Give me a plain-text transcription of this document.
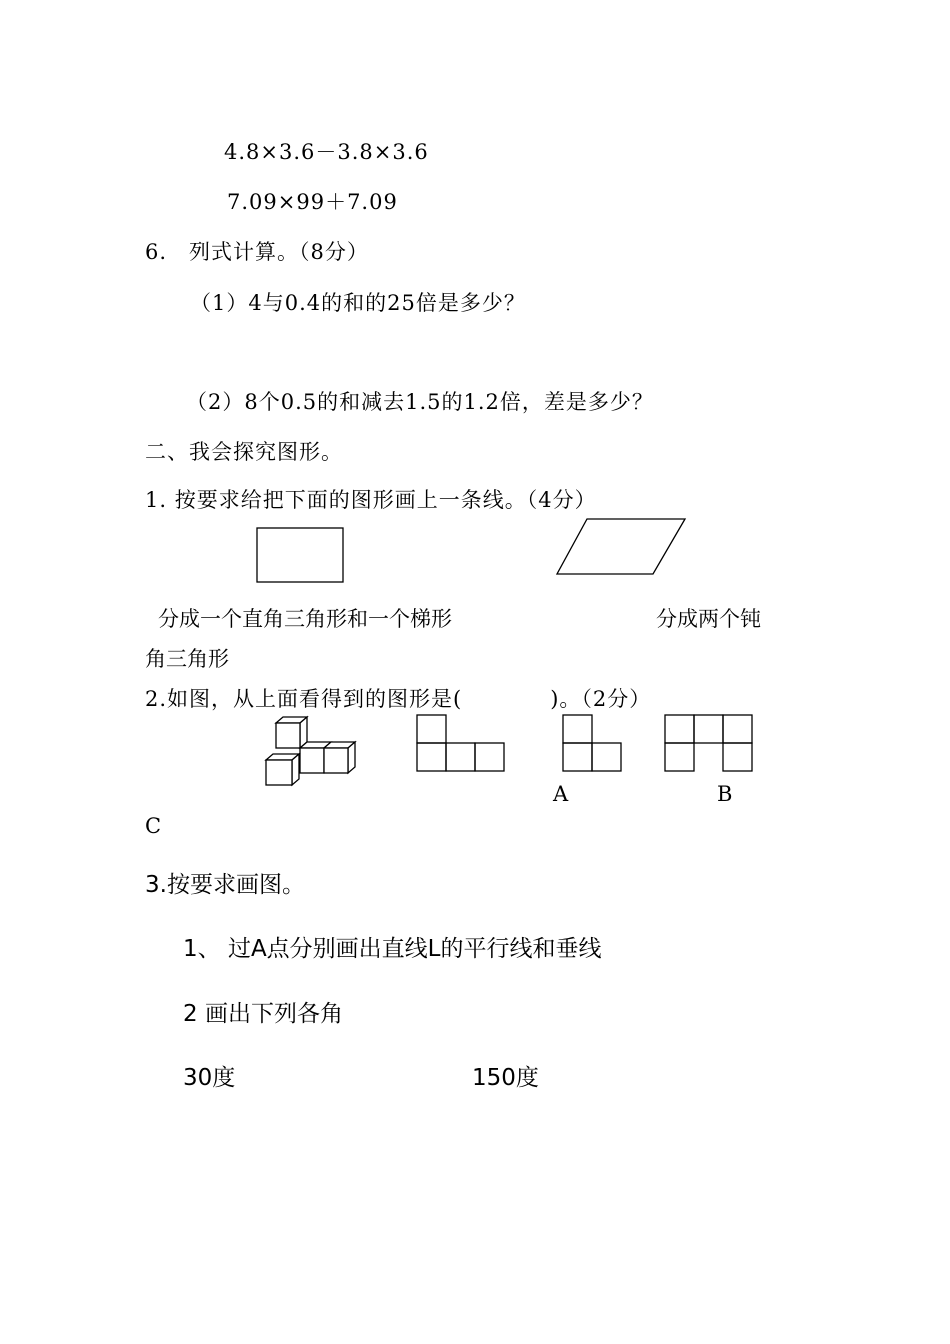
4.8×3.6－3.8×3.6
7.09×99＋7.09
6.　列式计算。（8分）
（1）4与0.4的和的25倍是多少？
（2）8个0.5的和减去1.5的1.2倍，差是多少？
二、我会探究图形。
1. 按要求给把下面的图形画上一条线。（4分）
分成一个直角三角形和一个梯形	分成两个钝
角三角形
2.如图，从上面看得到的图形是(　　　　)。（2分）
A	B
C
3.按要求画图。
1、 过A点分别画出直线L的平行线和垂线
2 画出下列各角
30度	150度
